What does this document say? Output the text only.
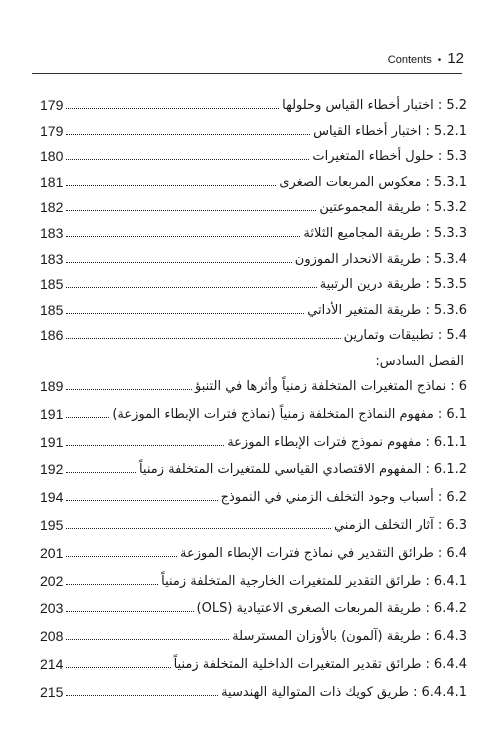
Contents • 12
5.2
: اختبار أخطاء القياس وحلولها
179
5.2.1
: اختبار أخطاء القياس
179
5.3
: حلول أخطاء المتغيرات
180
5.3.1
: معكوس المربعات الصغرى
181
5.3.2
: طريقة المجموعتين
182
5.3.3
: طريقة المجاميع الثلاثة
183
5.3.4
: طريقة الانحدار الموزون
183
5.3.5
: طريقة درين الرتبية
185
5.3.6
: طريقة المتغير الأداتي
185
5.4
: تطبيقات وتمارين
186
6
: نماذج المتغيرات المتخلفة زمنياً وأثرها في التنبؤ
189
6.1
: مفهوم النماذج المتخلفة زمنياً (نماذج فترات الإبطاء الموزعة)
191
6.1.1
: مفهوم نموذج فترات الإبطاء الموزعة
191
6.1.2
: المفهوم الاقتصادي القياسي للمتغيرات المتخلفة زمنياً
192
6.2
: أسباب وجود التخلف الزمني في النموذج
194
6.3
: آثار التخلف الزمني
195
6.4
: طرائق التقدير في نماذج فترات الإبطاء الموزعة
201
6.4.1
: طرائق التقدير للمتغيرات الخارجية المتخلفة زمنياً
202
6.4.2
: طريقة المربعات الصغرى الاعتيادية (OLS)
203
6.4.3
: طريقة (آلمون) بالأوزان المسترسلة
208
6.4.4
: طرائق تقدير المتغيرات الداخلية المتخلفة زمنياً
214
6.4.4.1
: طريق كويك ذات المتوالية الهندسية
215
الفصل السادس:
